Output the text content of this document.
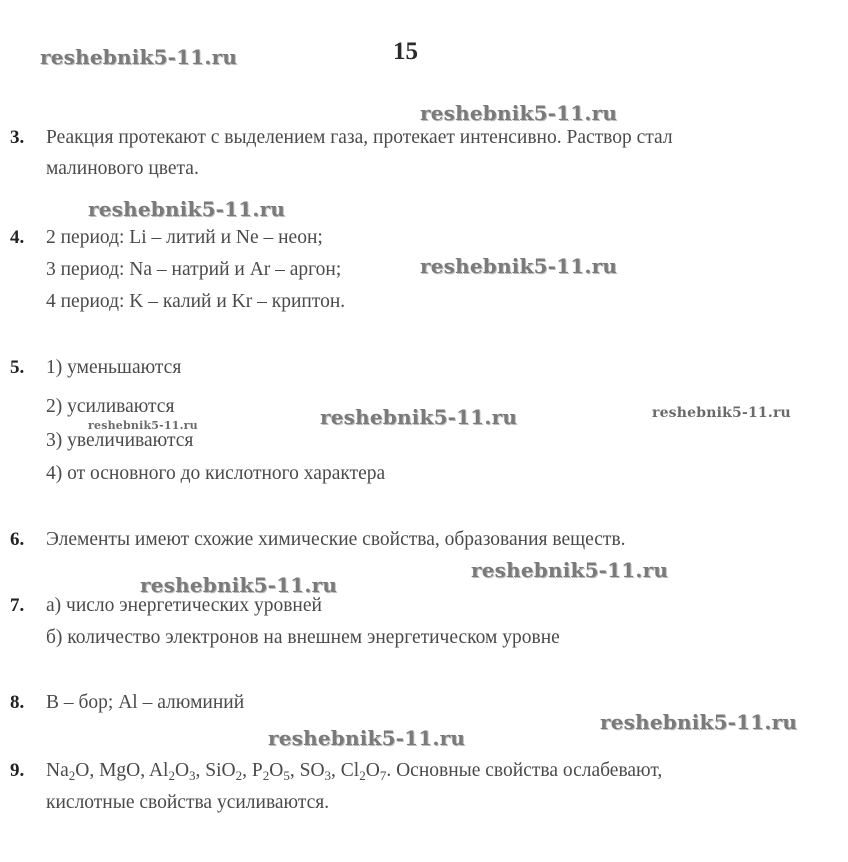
15
reshebnik5-11.ru
reshebnik5-11.ru
reshebnik5-11.ru
reshebnik5-11.ru
reshebnik5-11.ru	reshebnik5-11.ru	reshebnik5-11.ru
reshebnik5-11.ru
reshebnik5-11.ru
reshebnik5-11.ru
reshebnik5-11.ru
3. Реакция протекают с выделением газа, протекает интенсивно. Раствор стал
малинового цвета.
4. 2 период: Li – литий и Ne – неон;
3 период: Na – натрий и Ar – аргон;
4 период: K – калий и Kr – криптон.
5. 1) уменьшаются
2) усиливаются
3) увеличиваются
4) от основного до кислотного характера
6. Элементы имеют схожие химические свойства, образования веществ.
7. а) число энергетических уровней
б) количество электронов на внешнем энергетическом уровне
8. B – бор; Al – алюминий
9. $Na_2O$, MgO, $Al_2O_3$, SiO$_2$, $P_2O_5$, $SO_3$, $Cl_2O_7$. Основные свойства ослабевают,
кислотные свойства усиливаются.
